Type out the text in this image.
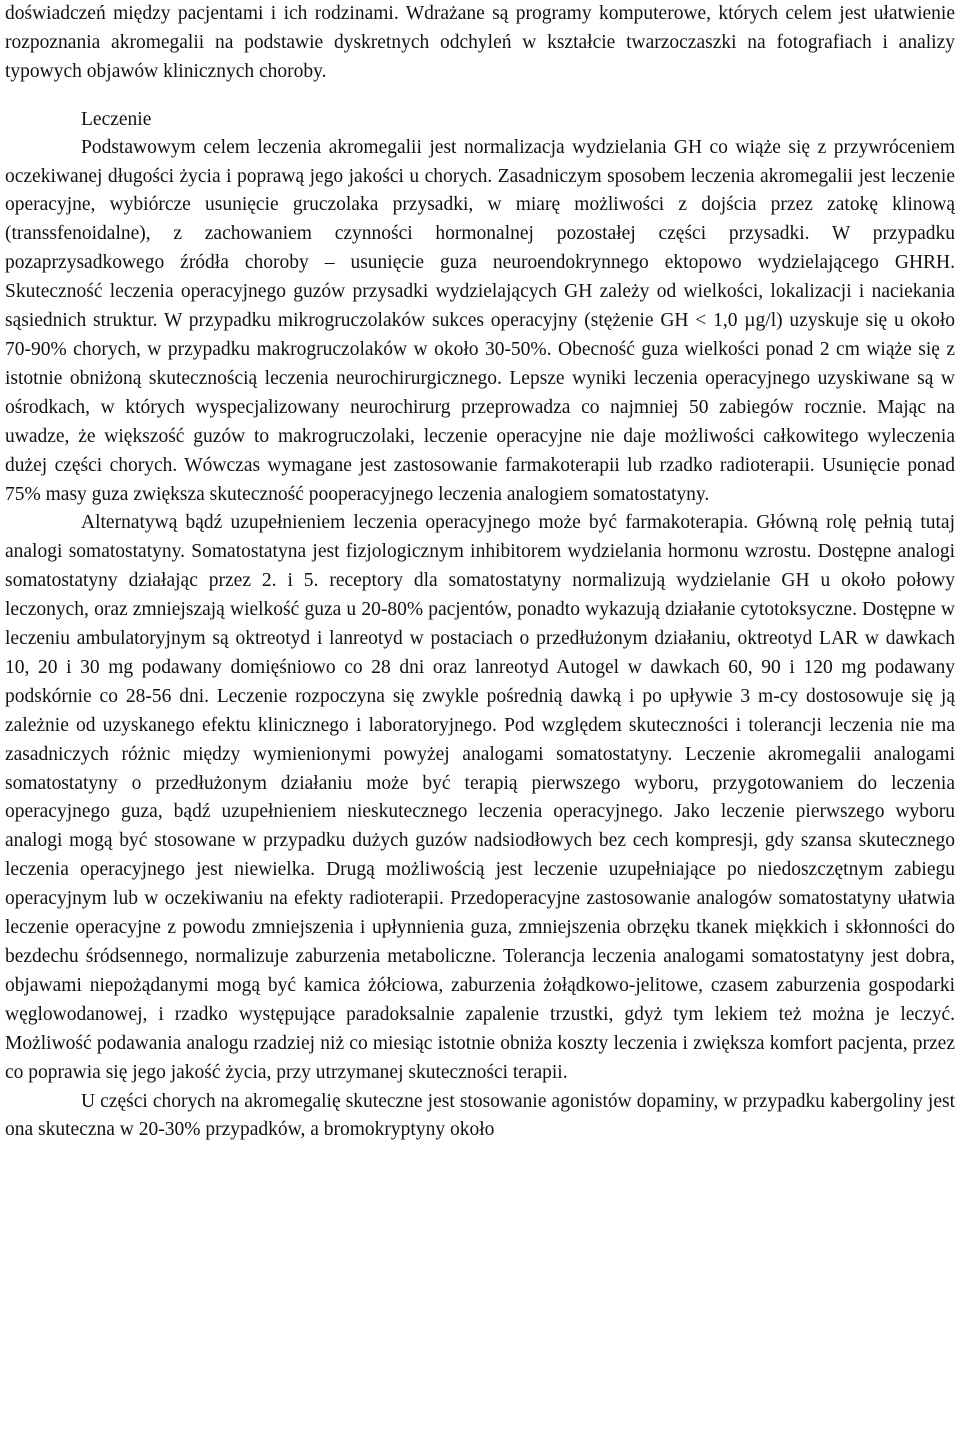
doświadczeń między pacjentami i ich rodzinami. Wdrażane są programy komputerowe, których celem jest ułatwienie rozpoznania akromegalii na podstawie dyskretnych odchyleń w kształcie twarzoczaszki na fotografiach i analizy typowych objawów klinicznych choroby.

Leczenie

Podstawowym celem leczenia akromegalii jest normalizacja wydzielania GH co wiąże się z przywróceniem oczekiwanej długości życia i poprawą jego jakości u chorych. Zasadniczym sposobem leczenia akromegalii jest leczenie operacyjne, wybiórcze usunięcie gruczolaka przysadki, w miarę możliwości z dojścia przez zatokę klinową (transsfenoidalne), z zachowaniem czynności hormonalnej pozostałej części przysadki. W przypadku pozaprzysadkowego źródła choroby – usunięcie guza neuroendokrynnego ektopowo wydzielającego GHRH. Skuteczność leczenia operacyjnego guzów przysadki wydzielających GH zależy od wielkości, lokalizacji i naciekania sąsiednich struktur. W przypadku mikrogruczolaków sukces operacyjny (stężenie GH < 1,0 µg/l) uzyskuje się u około 70-90% chorych, w przypadku makrogruczolaków w około 30-50%. Obecność guza wielkości ponad 2 cm wiąże się z istotnie obniżoną skutecznością leczenia neurochirurgicznego. Lepsze wyniki leczenia operacyjnego uzyskiwane są w ośrodkach, w których wyspecjalizowany neurochirurg przeprowadza co najmniej 50 zabiegów rocznie. Mając na uwadze, że większość guzów to makrogruczolaki, leczenie operacyjne nie daje możliwości całkowitego wyleczenia dużej części chorych. Wówczas wymagane jest zastosowanie farmakoterapii lub rzadko radioterapii. Usunięcie ponad 75% masy guza zwiększa skuteczność pooperacyjnego leczenia analogiem somatostatyny.

Alternatywą bądź uzupełnieniem leczenia operacyjnego może być farmakoterapia. Główną rolę pełnią tutaj analogi somatostatyny. Somatostatyna jest fizjologicznym inhibitorem wydzielania hormonu wzrostu. Dostępne analogi somatostatyny działając przez 2. i 5. receptory dla somatostatyny normalizują wydzielanie GH u około połowy leczonych, oraz zmniejszają wielkość guza u 20-80% pacjentów, ponadto wykazują działanie cytotoksyczne. Dostępne w leczeniu ambulatoryjnym są oktreotyd i lanreotyd w postaciach o przedłużonym działaniu, oktreotyd LAR w dawkach 10, 20 i 30 mg podawany domięśniowo co 28 dni oraz lanreotyd Autogel w dawkach 60, 90 i 120 mg podawany podskórnie co 28-56 dni. Leczenie rozpoczyna się zwykle pośrednią dawką i po upływie 3 m-cy dostosowuje się ją zależnie od uzyskanego efektu klinicznego i laboratoryjnego. Pod względem skuteczności i tolerancji leczenia nie ma zasadniczych różnic między wymienionymi powyżej analogami somatostatyny. Leczenie akromegalii analogami somatostatyny o przedłużonym działaniu może być terapią pierwszego wyboru, przygotowaniem do leczenia operacyjnego guza, bądź uzupełnieniem nieskutecznego leczenia operacyjnego. Jako leczenie pierwszego wyboru analogi mogą być stosowane w przypadku dużych guzów nadsiodłowych bez cech kompresji, gdy szansa skutecznego leczenia operacyjnego jest niewielka. Drugą możliwością jest leczenie uzupełniające po niedoszczętnym zabiegu operacyjnym lub w oczekiwaniu na efekty radioterapii. Przedoperacyjne zastosowanie analogów somatostatyny ułatwia leczenie operacyjne z powodu zmniejszenia i upłynnienia guza, zmniejszenia obrzęku tkanek miękkich i skłonności do bezdechu śródsennego, normalizuje zaburzenia metaboliczne. Tolerancja leczenia analogami somatostatyny jest dobra, objawami niepożądanymi mogą być kamica żółciowa, zaburzenia żołądkowo-jelitowe, czasem zaburzenia gospodarki węglowodanowej, i rzadko występujące paradoksalnie zapalenie trzustki, gdyż tym lekiem też można je leczyć. Możliwość podawania analogu rzadziej niż co miesiąc istotnie obniża koszty leczenia i zwiększa komfort pacjenta, przez co poprawia się jego jakość życia, przy utrzymanej skuteczności terapii.

U części chorych na akromegalię skuteczne jest stosowanie agonistów dopaminy, w przypadku kabergoliny jest ona skuteczna w 20-30% przypadków, a bromokryptyny około
